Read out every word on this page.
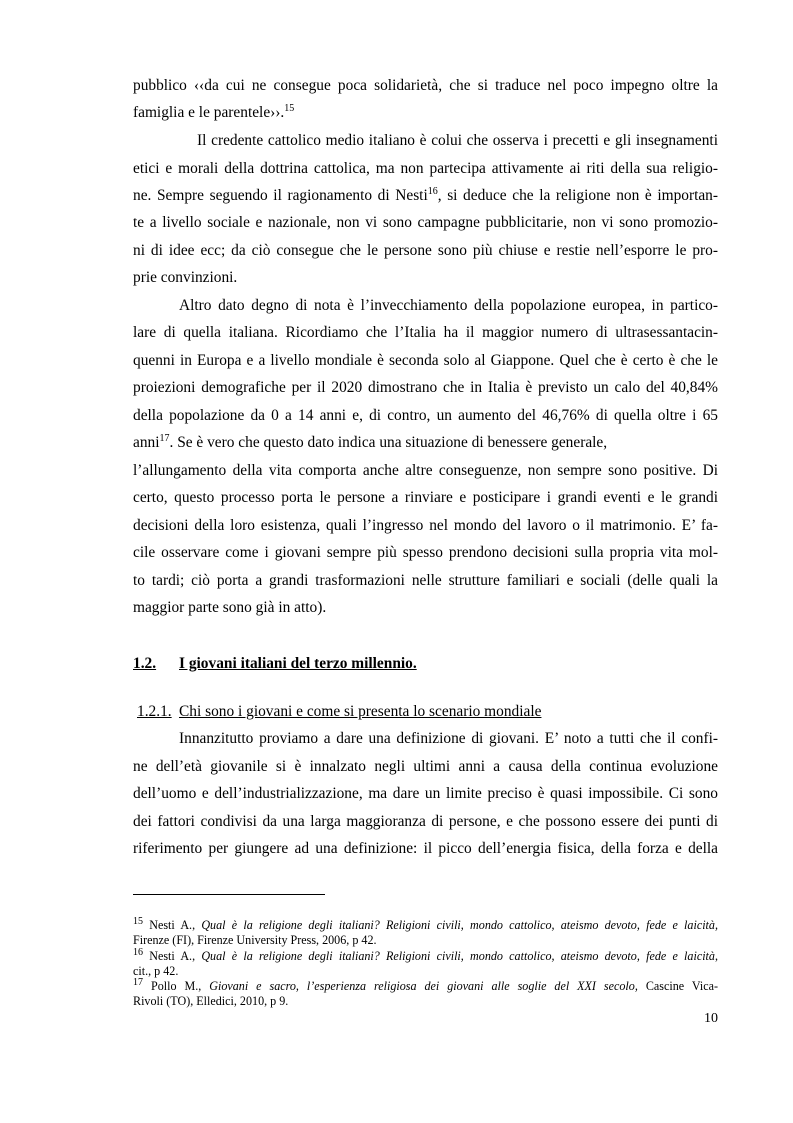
pubblico ‹‹da cui ne consegue poca solidarietà, che si traduce nel poco impegno oltre la
famiglia e le parentele››.$^{15}$
Il credente cattolico medio italiano è colui che osserva i precetti e gli insegnamenti
etici e morali della dottrina cattolica, ma non partecipa attivamente ai riti della sua religio-
ne. Sempre seguendo il ragionamento di Nesti$^{16}$, si deduce che la religione non è importan-
te a livello sociale e nazionale, non vi sono campagne pubblicitarie, non vi sono promozio-
ni di idee ecc; da ciò consegue che le persone sono più chiuse e restie nell’esporre le pro-
prie convinzioni.
Altro dato degno di nota è l’invecchiamento della popolazione europea, in partico-
lare di quella italiana. Ricordiamo che l’Italia ha il maggior numero di ultrasessantacin-
quenni in Europa e a livello mondiale è seconda solo al Giappone. Quel che è certo è che le
proiezioni demografiche per il 2020 dimostrano che in Italia è previsto un calo del 40,84%
della popolazione da 0 a 14 anni e, di contro, un aumento del 46,76% di quella oltre i 65
anni$^{17}$. Se è vero che questo dato indica una situazione di benessere generale,
l’allungamento della vita comporta anche altre conseguenze, non sempre sono positive. Di
certo, questo processo porta le persone a rinviare e posticipare i grandi eventi e le grandi
decisioni della loro esistenza, quali l’ingresso nel mondo del lavoro o il matrimonio. E’ fa-
cile osservare come i giovani sempre più spesso prendono decisioni sulla propria vita mol-
to tardi; ciò porta a grandi trasformazioni nelle strutture familiari e sociali (delle quali la
maggior parte sono già in atto).
1.2. I giovani italiani del terzo millennio.
1.2.1. Chi sono i giovani e come si presenta lo scenario mondiale
Innanzitutto proviamo a dare una definizione di giovani. E’ noto a tutti che il confi-
ne dell’età giovanile si è innalzato negli ultimi anni a causa della continua evoluzione
dell’uomo e dell’industrializzazione, ma dare un limite preciso è quasi impossibile. Ci sono
dei fattori condivisi da una larga maggioranza di persone, e che possono essere dei punti di
riferimento per giungere ad una definizione: il picco dell’energia fisica, della forza e della
$^{15}$ Nesti A., Qual è la religione degli italiani? Religioni civili, mondo cattolico, ateismo devoto, fede e laicità,
Firenze (FI), Firenze University Press, 2006, p 42.
$^{16}$ Nesti A., Qual è la religione degli italiani? Religioni civili, mondo cattolico, ateismo devoto, fede e laicità,
cit., p 42.
$^{17}$ Pollo M., Giovani e sacro, l’esperienza religiosa dei giovani alle soglie del XXI secolo, Cascine Vica-
Rivoli (TO), Elledici, 2010, p 9.
10
